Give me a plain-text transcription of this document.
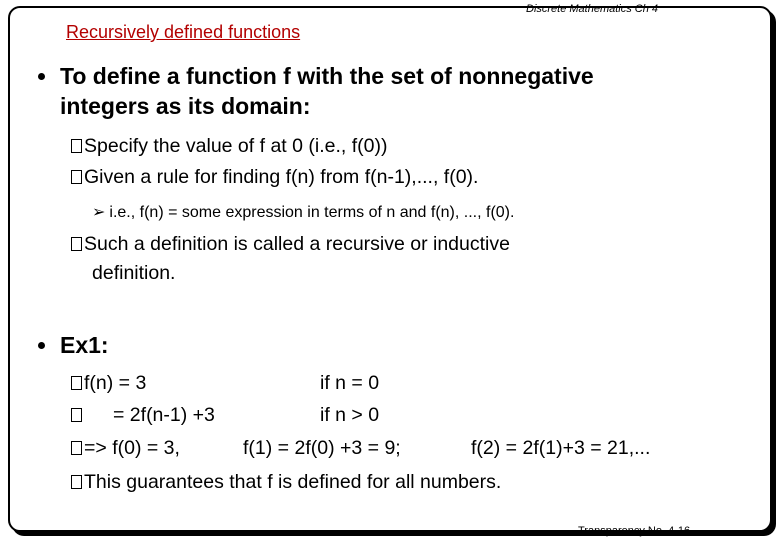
Recursively defined functions
Discrete Mathematics Ch 4
To define a function f with the set of nonnegative
integers as its domain:
Specify the value of f at 0 (i.e., f(0))
Given a rule for finding f(n) from f(n-1),..., f(0).
➢ i.e., f(n) = some expression in terms of n and f(n), ..., f(0).
Such a definition is called a recursive or inductive
definition.
Ex1:
f(n) = 3	if n = 0
= 2f(n-1) +3	if n > 0
=> f(0) = 3,	f(1) = 2f(0) +3 = 9;	f(2) = 2f(1)+3 = 21,...
This guarantees that f is defined for all numbers.
Transparency No. 4-16
